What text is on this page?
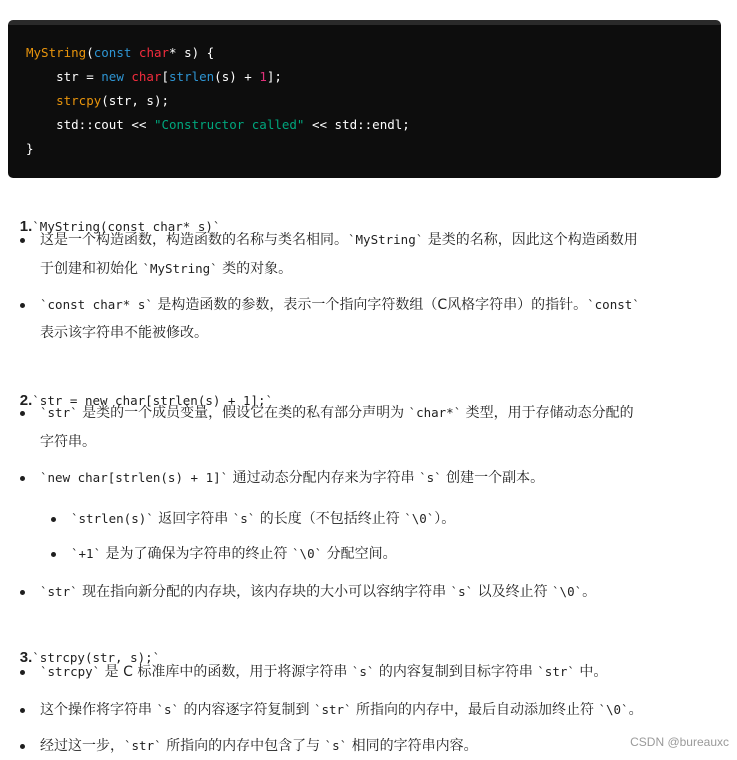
MyString(const char* s) {
str = new char[strlen(s) + 1];
strcpy(str, s);
std::cout << "Constructor called" << std::endl;
}

1.`MyString(const char* s)`

这是一个构造函数，构造函数的名称与类名相同。`MyString` 是类的名称，因此这个构造函数用
于创建和初始化 `MyString` 类的对象。
`const char* s` 是构造函数的参数，表示一个指向字符数组（C风格字符串）的指针。`const`
表示该字符串不能被修改。

2.`str = new char[strlen(s) + 1];`

`str` 是类的一个成员变量，假设它在类的私有部分声明为 `char*` 类型，用于存储动态分配的
字符串。
`new char[strlen(s) + 1]` 通过动态分配内存来为字符串 `s` 创建一个副本。
`strlen(s)` 返回字符串 `s` 的长度（不包括终止符 `\0`）。
`+1` 是为了确保为字符串的终止符 `\0` 分配空间。
`str` 现在指向新分配的内存块，该内存块的大小可以容纳字符串 `s` 以及终止符 `\0`。

3.`strcpy(str, s);`

`strcpy` 是 C 标准库中的函数，用于将源字符串 `s` 的内容复制到目标字符串 `str` 中。
这个操作将字符串 `s` 的内容逐字符复制到 `str` 所指向的内存中，最后自动添加终止符 `\0`。
经过这一步，`str` 所指向的内存中包含了与 `s` 相同的字符串内容。	CSDN @bureauxc
